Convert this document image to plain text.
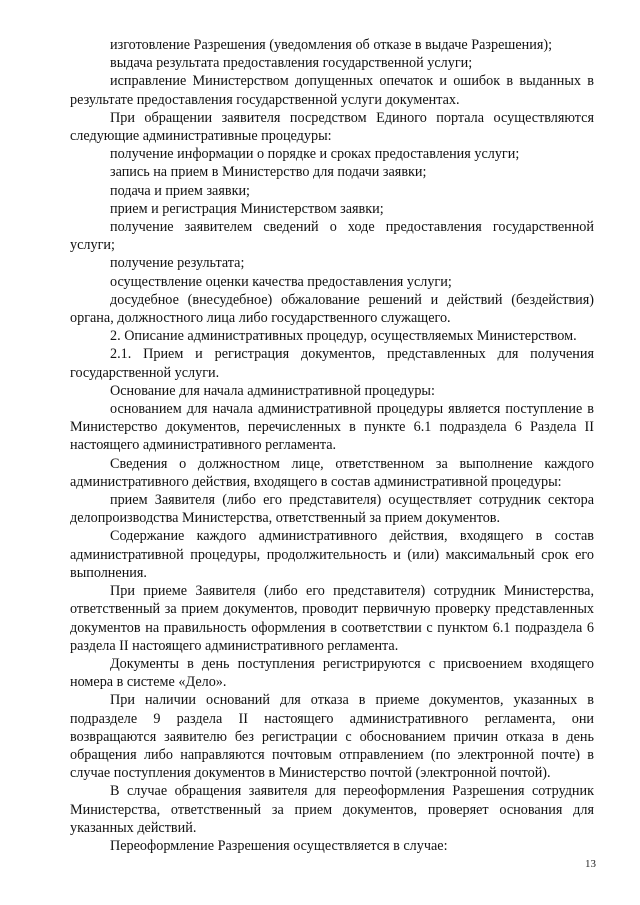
изготовление Разрешения (уведомления об отказе в выдаче Разрешения);

выдача результата предоставления государственной услуги;

исправление Министерством допущенных опечаток и ошибок в выданных в результате предоставления государственной услуги документах.

При обращении заявителя посредством Единого портала осуществляются следующие административные процедуры:

получение информации о порядке и сроках предоставления услуги;

запись на прием в Министерство для подачи заявки;

подача и прием заявки;

прием и регистрация Министерством заявки;

получение заявителем сведений о ходе предоставления государственной услуги;

получение результата;

осуществление оценки качества предоставления услуги;

досудебное (внесудебное) обжалование решений и действий (бездействия) органа, должностного лица либо государственного служащего.

2. Описание административных процедур, осуществляемых Министерством.

2.1. Прием и регистрация документов, представленных для получения государственной услуги.

Основание для начала административной процедуры:

основанием для начала административной процедуры является поступление в Министерство документов, перечисленных в пункте 6.1 подраздела 6 Раздела II настоящего административного регламента.

Сведения о должностном лице, ответственном за выполнение каждого административного действия, входящего в состав административной процедуры:

прием Заявителя (либо его представителя) осуществляет сотрудник сектора делопроизводства Министерства, ответственный за прием документов.

Содержание каждого административного действия, входящего в состав административной процедуры, продолжительность и (или) максимальный срок его выполнения.

При приеме Заявителя (либо его представителя) сотрудник Министерства, ответственный за прием документов, проводит первичную проверку представленных документов на правильность оформления в соответствии с пунктом 6.1 подраздела 6 раздела II настоящего административного регламента.

Документы в день поступления регистрируются с присвоением входящего номера в системе «Дело».

При наличии оснований для отказа в приеме документов, указанных в подразделе 9 раздела II настоящего административного регламента, они возвращаются заявителю без регистрации с обоснованием причин отказа в день обращения либо направляются почтовым отправлением (по электронной почте) в случае поступления документов в Министерство почтой (электронной почтой).

В случае обращения заявителя для переоформления Разрешения сотрудник Министерства, ответственный за прием документов, проверяет основания для указанных действий.

Переоформление Разрешения осуществляется в случае:

13
